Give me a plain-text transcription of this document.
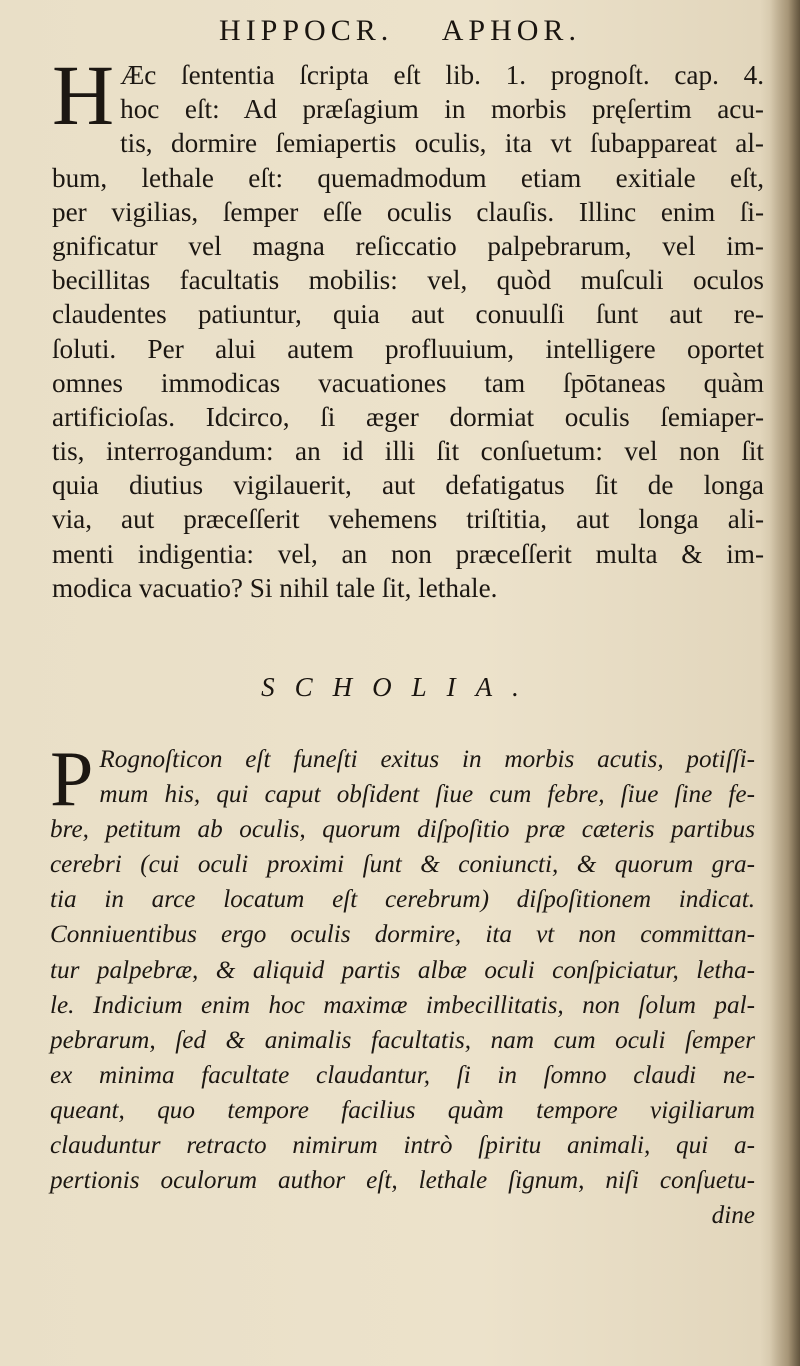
HIPPOCR. APHOR.
H Æc ſententia ſcripta eſt lib. 1. prognoſt. cap. 4.
hoc eſt: Ad præſagium in morbis pręſertim acu-
tis, dormire ſemiapertis oculis, ita vt ſubappareat al-
bum, lethale eſt: quemadmodum etiam exitiale eſt,
per vigilias, ſemper eſſe oculis clauſis. Illinc enim ſi-
gnificatur vel magna reſiccatio palpebrarum, vel im-
becillitas facultatis mobilis: vel, quòd muſculi oculos
claudentes patiuntur, quia aut conuulſi ſunt aut re-
ſoluti. Per alui autem profluuium, intelligere oportet
omnes immodicas vacuationes tam ſpōtaneas quàm
artificioſas. Idcirco, ſi æger dormiat oculis ſemiaper-
tis, interrogandum: an id illi ſit conſuetum: vel non ſit
quia diutius vigilauerit, aut defatigatus ſit de longa
via, aut præceſſerit vehemens triſtitia, aut longa ali-
menti indigentia: vel, an non præceſſerit multa & im-
modica vacuatio? Si nihil tale ſit, lethale.
SCHOLIA.
P Rognoſticon eſt funeſti exitus in morbis acutis, potiſſi-
mum his, qui caput obſident ſiue cum febre, ſiue ſine fe-
bre, petitum ab oculis, quorum diſpoſitio præ cæteris partibus
cerebri (cui oculi proximi ſunt & coniuncti, & quorum gra-
tia in arce locatum eſt cerebrum) diſpoſitionem indicat.
Conniuentibus ergo oculis dormire, ita vt non committan-
tur palpebræ, & aliquid partis albæ oculi conſpiciatur, letha-
le. Indicium enim hoc maximæ imbecillitatis, non ſolum pal-
pebrarum, ſed & animalis facultatis, nam cum oculi ſemper
ex minima facultate claudantur, ſi in ſomno claudi ne-
queant, quo tempore facilius quàm tempore vigiliarum
clauduntur retracto nimirum intrò ſpiritu animali, qui a-
pertionis oculorum author eſt, lethale ſignum, niſi conſuetu-
dine
